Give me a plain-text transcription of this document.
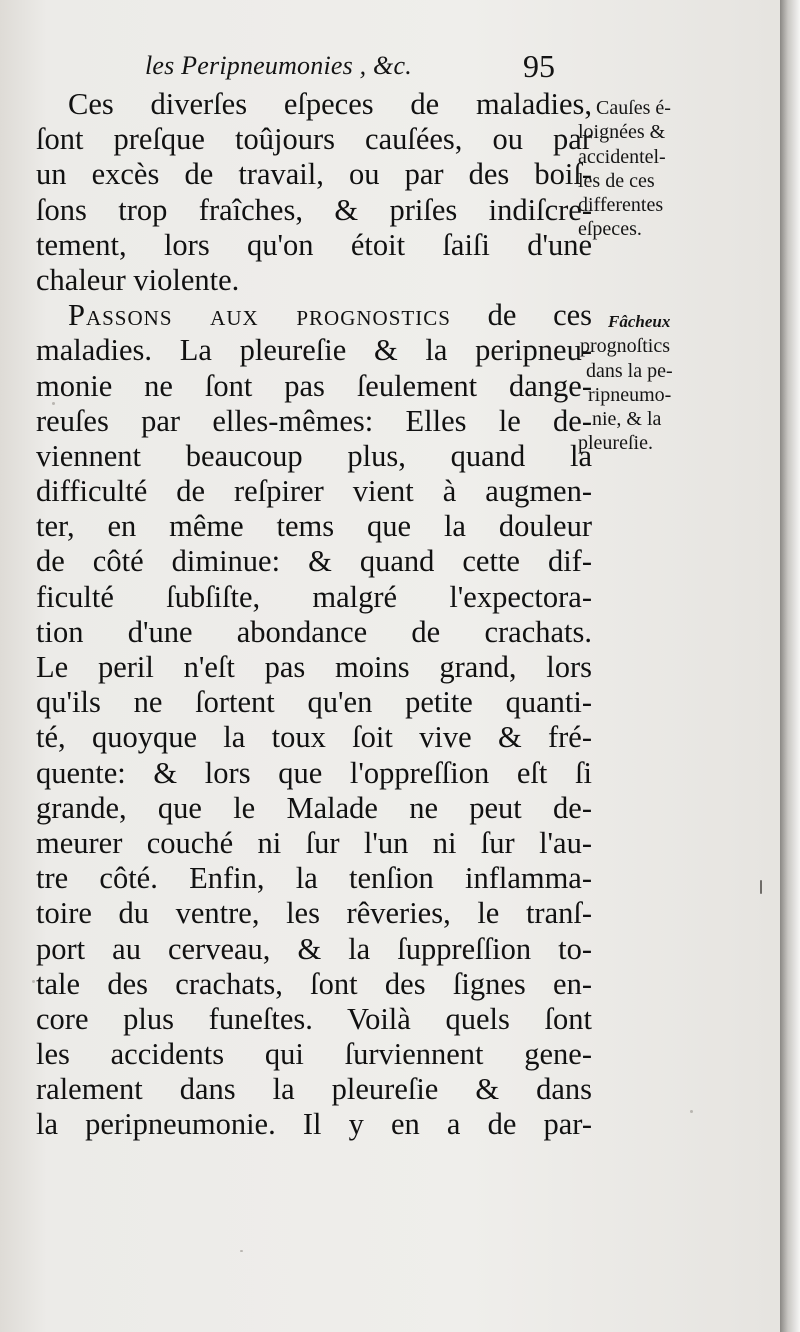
les Peripneumonies , &c.	95
Ces diverſes eſpeces de maladies,
ſont preſque toûjours cauſées, ou par
un excès de travail, ou par des boiſ-
ſons trop fraîches, & priſes indiſcre-
tement, lors qu'on étoit ſaiſi d'une
chaleur violente.
Passons aux prognostics de ces
maladies. La pleureſie & la peripneu-
monie ne ſont pas ſeulement dange-
reuſes par elles-mêmes: Elles le de-
viennent beaucoup plus, quand la
difficulté de reſpirer vient à augmen-
ter, en même tems que la douleur
de côté diminue: & quand cette dif-
ficulté ſubſiſte, malgré l'expectora-
tion d'une abondance de crachats.
Le peril n'eſt pas moins grand, lors
qu'ils ne ſortent qu'en petite quanti-
té, quoyque la toux ſoit vive & fré-
quente: & lors que l'oppreſſion eſt ſi
grande, que le Malade ne peut de-
meurer couché ni ſur l'un ni ſur l'au-
tre côté. Enfin, la tenſion inflamma-
toire du ventre, les rêveries, le tranſ-
port au cerveau, & la ſuppreſſion to-
tale des crachats, ſont des ſignes en-
core plus funeſtes. Voilà quels ſont
les accidents qui ſurviennent gene-
ralement dans la pleureſie & dans
la peripneumonie. Il y en a de par-
Cauſes é-
loignées &
accidentel-
les de ces
differentes
eſpeces.
Fâcheux
prognoſtics
dans la pe-
ripneumo-
nie, & la
pleureſie.
